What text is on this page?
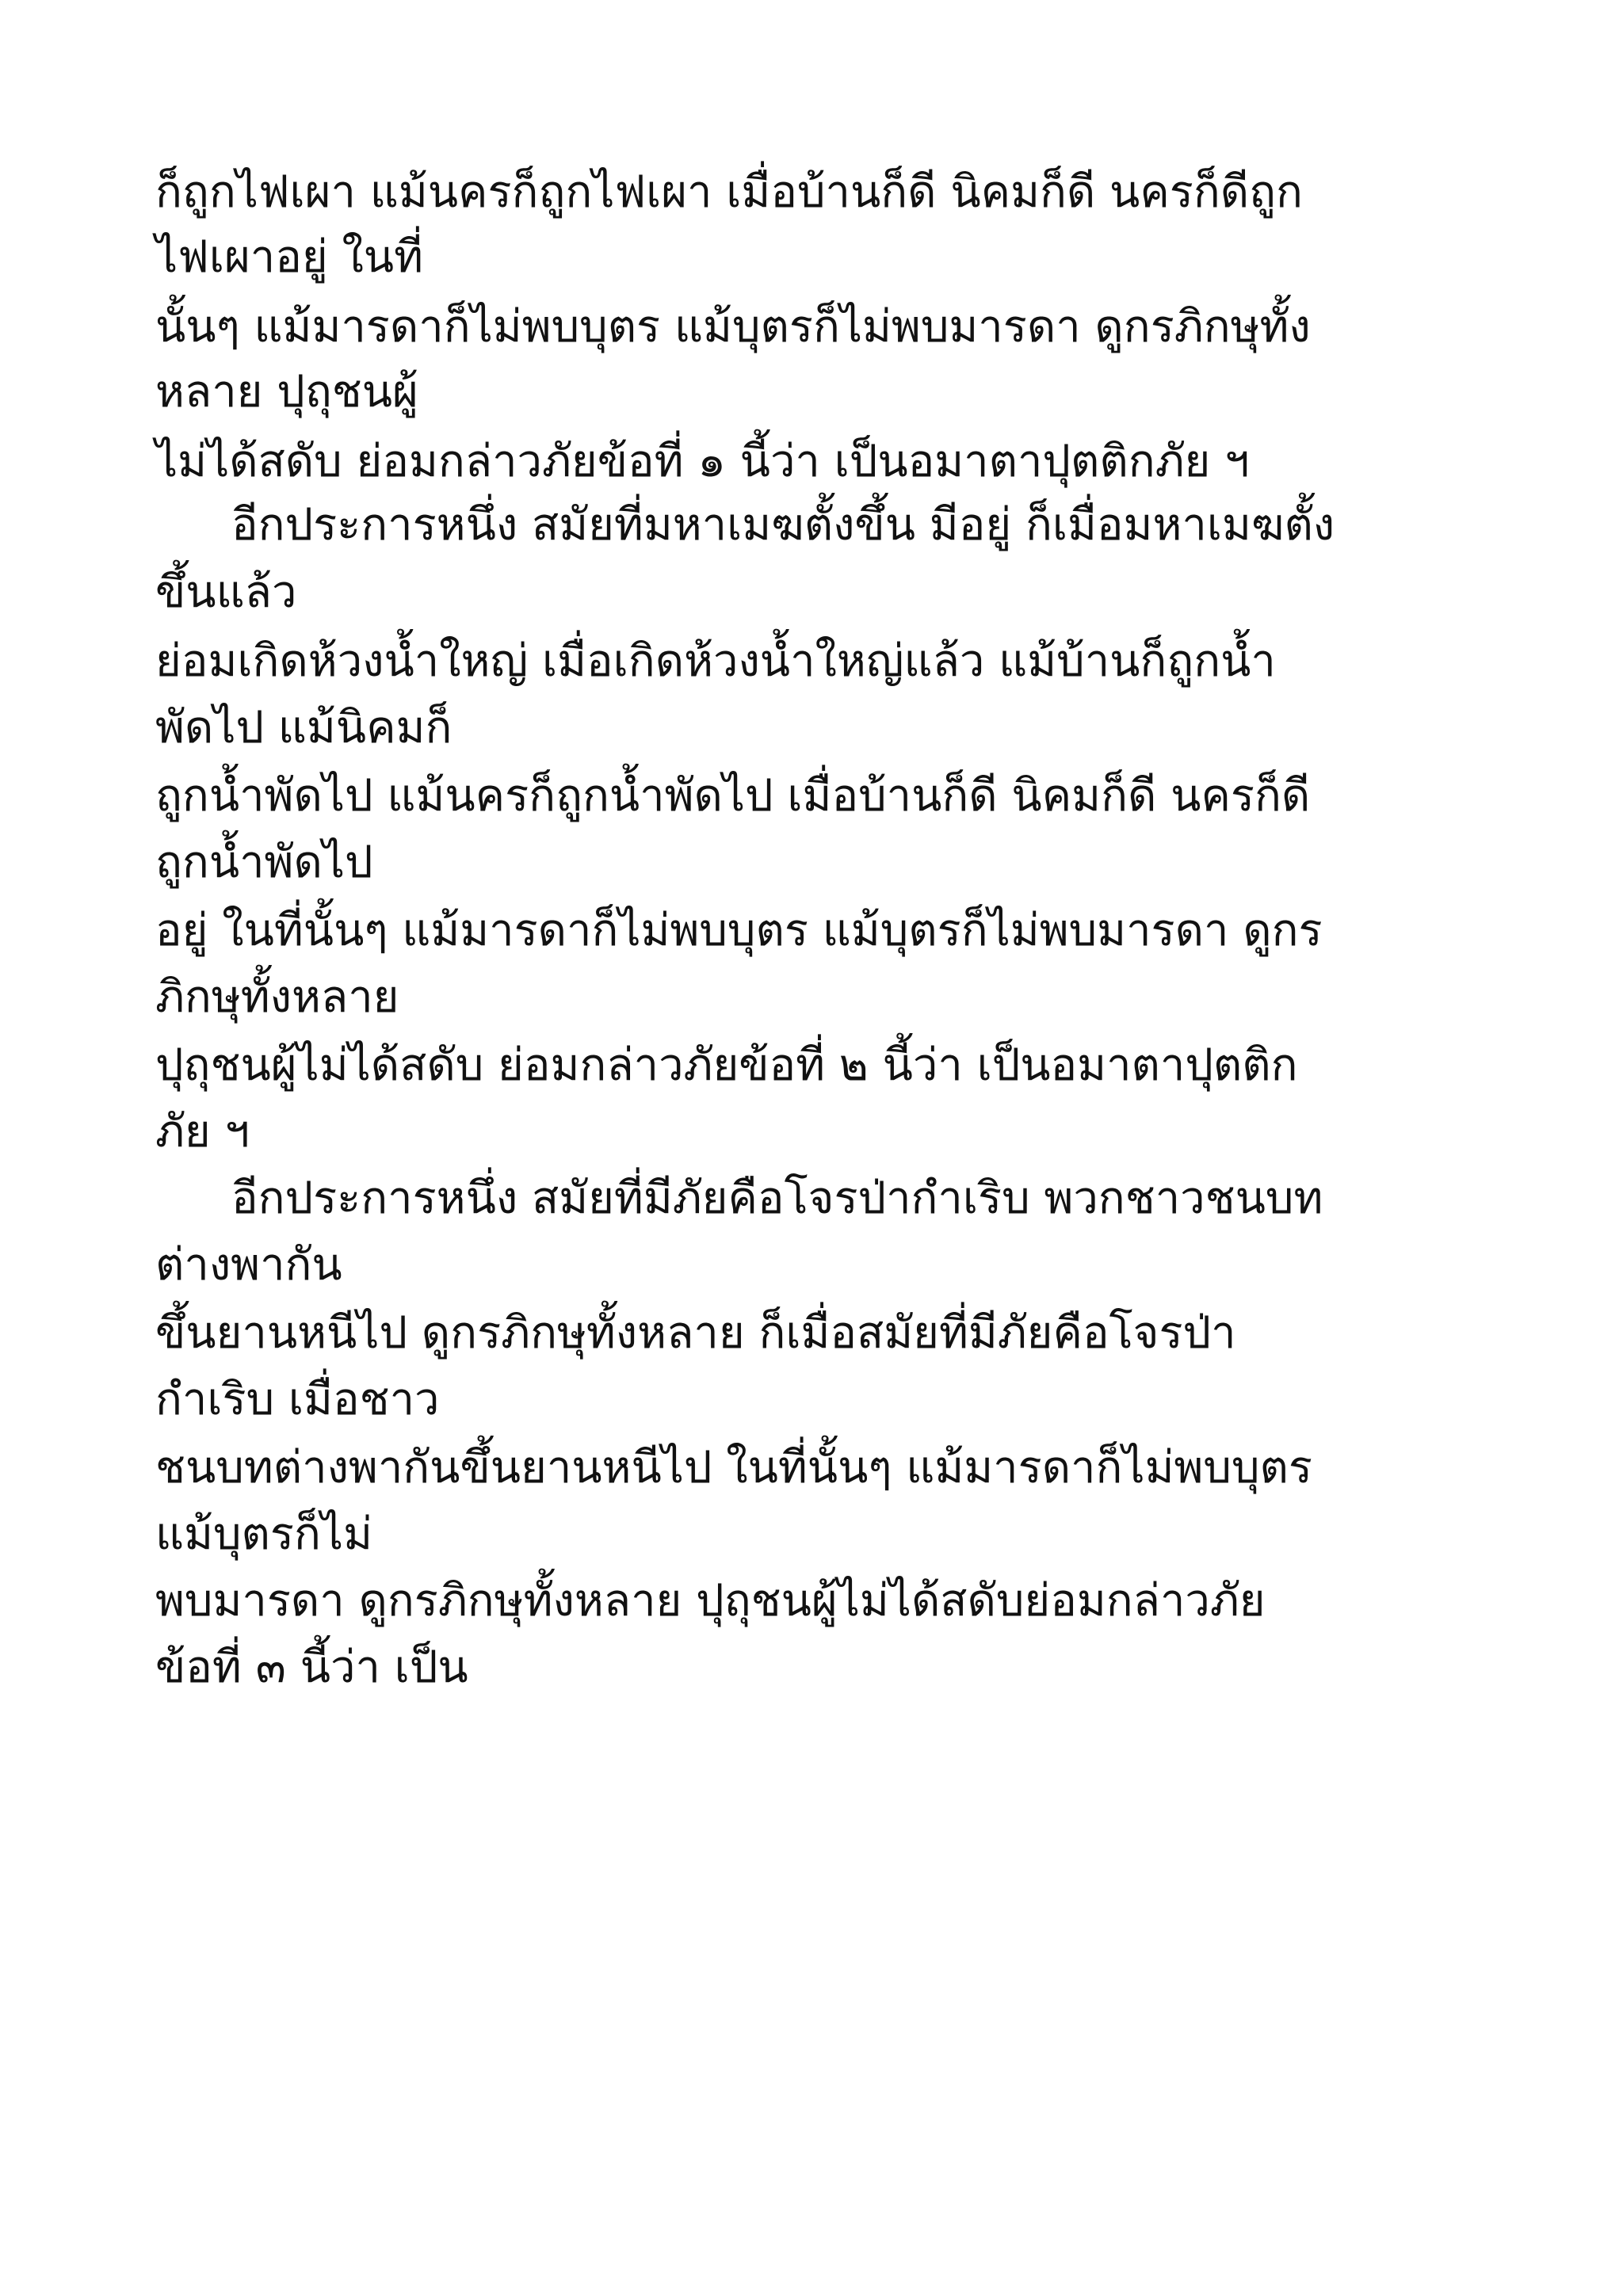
ก็ถูกไฟเผา แม้นครก็ถูกไฟเผา เมื่อบ้านก็ดี นิคมก็ดี นครก็ดีถูก
ไฟเผาอยู่ ในที่
นั้นๆ แม้มารดาก็ไม่พบบุตร แม้บุตรก็ไม่พบมารดา ดูกรภิกษุทั้ง
หลาย ปุถุชนผู้
ไม่ได้สดับ ย่อมกล่าวภัยข้อที่ ๑ นี้ว่า เป็นอมาตาปุตติกภัย ฯ
อีกประการหนึ่ง สมัยที่มหาเมฆตั้งขึ้น มีอยู่ ก็เมื่อมหาเมฆตั้ง
ขึ้นแล้ว
ย่อมเกิดห้วงน้ำใหญ่ เมื่อเกิดห้วงน้ำใหญ่แล้ว แม้บ้านก็ถูกน้ำ
พัดไป แม้นิคมก็
ถูกน้ำพัดไป แม้นครก็ถูกน้ำพัดไป เมื่อบ้านก็ดี นิคมก็ดี นครก็ดี
ถูกน้ำพัดไป
อยู่ ในที่นั้นๆ แม้มารดาก็ไม่พบบุตร แม้บุตรก็ไม่พบมารดา ดูกร
ภิกษุทั้งหลาย
ปุถุชนผู้ไม่ได้สดับ ย่อมกล่าวภัยข้อที่ ๒ นี้ว่า เป็นอมาตาปุตติก
ภัย ฯ
อีกประการหนึ่ง สมัยที่มีภัยคือโจรป่ากำเริบ พวกชาวชนบท
ต่างพากัน
ขึ้นยานหนีไป ดูกรภิกษุทั้งหลาย ก็เมื่อสมัยที่มีภัยคือโจรป่า
กำเริบ เมื่อชาว
ชนบทต่างพากันขึ้นยานหนีไป ในที่นั้นๆ แม้มารดาก็ไม่พบบุตร
แม้บุตรก็ไม่
พบมารดา ดูกรภิกษุทั้งหลาย ปุถุชนผู้ไม่ได้สดับย่อมกล่าวภัย
ข้อที่ ๓ นี้ว่า เป็น
